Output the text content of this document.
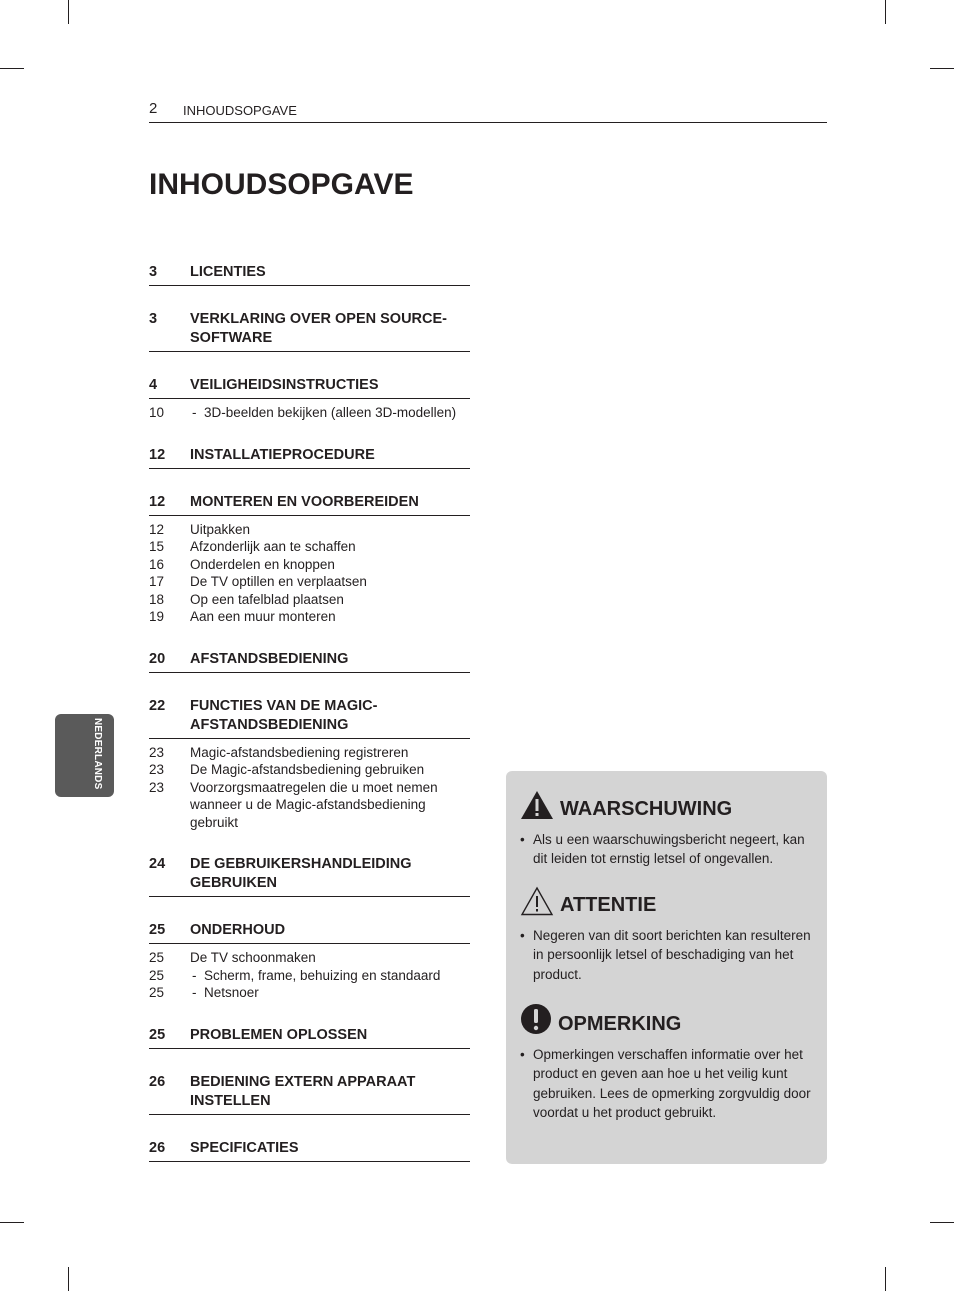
2 INHOUDSOPGAVE
INHOUDSOPGAVE
NEDERLANDS
3	LICENTIES
3	VERKLARING OVER OPEN SOURCE-SOFTWARE
4	VEILIGHEIDSINSTRUCTIES
10	- 3D-beelden bekijken (alleen 3D-modellen)
12	INSTALLATIEPROCEDURE
12	MONTEREN EN VOORBEREIDEN
12	Uitpakken
15	Afzonderlijk aan te schaffen
16	Onderdelen en knoppen
17	De TV optillen en verplaatsen
18	Op een tafelblad plaatsen
19	Aan een muur monteren
20	AFSTANDSBEDIENING
22	FUNCTIES VAN DE MAGIC-AFSTANDSBEDIENING
23	Magic-afstandsbediening registreren
23	De Magic-afstandsbediening gebruiken
23	Voorzorgsmaatregelen die u moet nemen wanneer u de Magic-afstandsbediening gebruikt
24	DE GEBRUIKERSHANDLEIDING GEBRUIKEN
25	ONDERHOUD
25	De TV schoonmaken
25	- Scherm, frame, behuizing en standaard
25	- Netsnoer
25	PROBLEMEN OPLOSSEN
26	BEDIENING EXTERN APPARAAT INSTELLEN
26	SPECIFICATIES
WAARSCHUWING
• Als u een waarschuwingsbericht negeert, kan dit leiden tot ernstig letsel of ongevallen.
ATTENTIE
• Negeren van dit soort berichten kan resulteren in persoonlijk letsel of beschadiging van het product.
OPMERKING
• Opmerkingen verschaffen informatie over het product en geven aan hoe u het veilig kunt gebruiken. Lees de opmerking zorgvuldig door voordat u het product gebruikt.
